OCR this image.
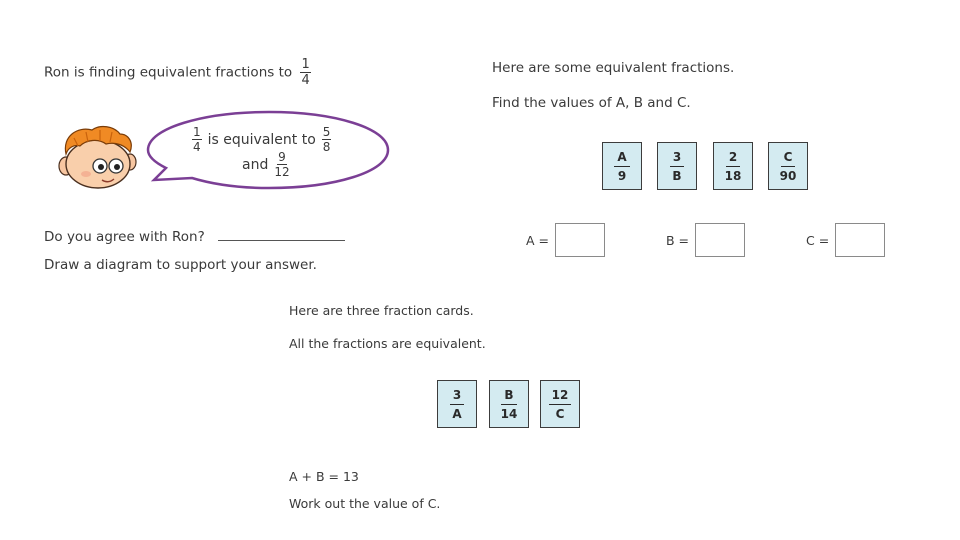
Ron is finding equivalent fractions to $\frac{1}{4}$
$\frac{1}{4}$ is equivalent to $\frac{5}{8}$
and $\frac{9}{12}$
Do you agree with Ron?
Draw a diagram to support your answer.
Here are some equivalent fractions.
Find the values of A, B and C.
$\frac{A}{9}$	$\frac{3}{B}$	$\frac{2}{18}$	$\frac{C}{90}$
A =	B =	C =
Here are three fraction cards.
All the fractions are equivalent.
$\frac{3}{A}$	$\frac{B}{14}$	$\frac{12}{C}$
A + B = 13
Work out the value of C.
